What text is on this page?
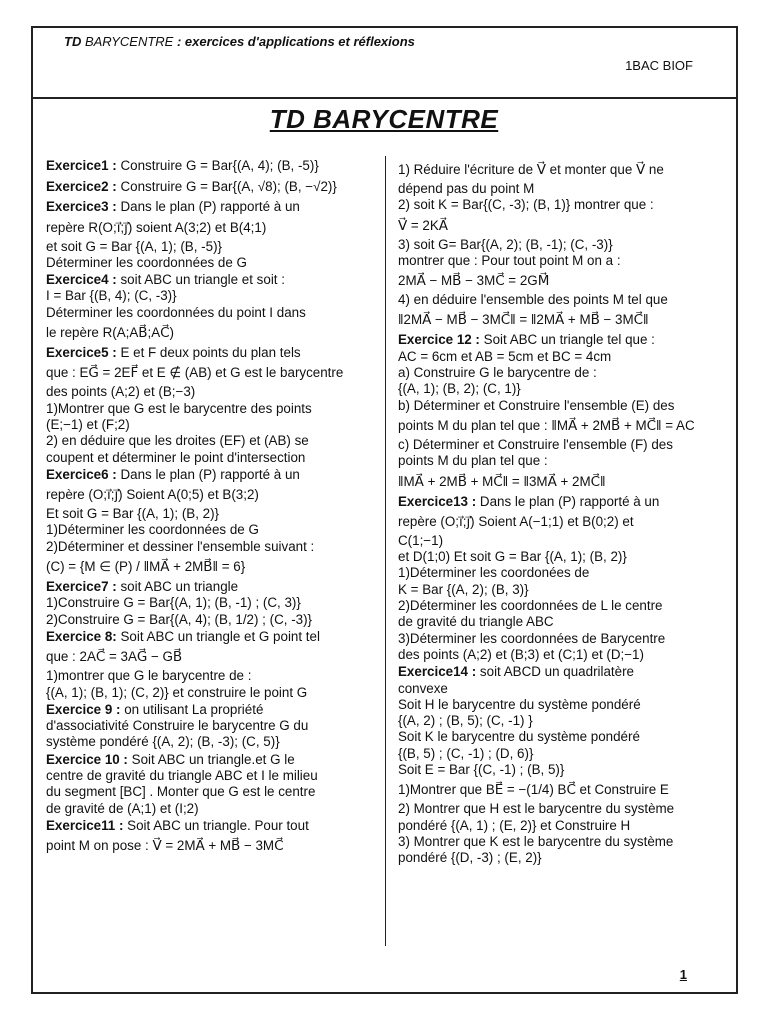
TD BARYCENTRE : exercices d'applications et réflexions
1BAC BIOF
TD BARYCENTRE

Exercice1 : Construire G = Bar{(A, 4); (B, -5)}

Exercice2 : Construire G = Bar{(A, √8); (B, −√2)}

Exercice3 : Dans le plan (P) rapporté à un

repère R(O;i⃗;j⃗) soient A(3;2) et B(4;1)

et soit G = Bar {(A, 1); (B, -5)}

Déterminer les coordonnées de G

Exercice4 : soit ABC un triangle et soit :

I = Bar {(B, 4); (C, -3)}

Déterminer les coordonnées du point I dans

le repère R(A;AB⃗;AC⃗)

Exercice5 : E et F deux points du plan tels

que : EG⃗ = 2EF⃗ et E ∉ (AB) et G est le barycentre

des points (A;2) et (B;−3)

1)Montrer que G est le barycentre des points

(E;−1) et (F;2)

2) en déduire que les droites (EF) et (AB) se

coupent et déterminer le point d'intersection

Exercice6 : Dans le plan (P) rapporté à un

repère (O;i⃗;j⃗) Soient A(0;5) et B(3;2)

Et soit G = Bar {(A, 1); (B, 2)}

1)Déterminer les coordonnées de G

2)Déterminer et dessiner l'ensemble suivant :

(C) = {M ∈ (P) / ‖MA⃗ + 2MB⃗‖ = 6}

Exercice7 : soit ABC un triangle

1)Construire G = Bar{(A, 1); (B, -1) ; (C, 3)}

2)Construire G = Bar{(A, 4); (B, 1/2) ; (C, -3)}

Exercice 8: Soit ABC un triangle et G point tel

que : 2AC⃗ = 3AG⃗ − GB⃗

1)montrer que G le barycentre de :

{(A, 1); (B, 1); (C, 2)} et construire le point G

Exercice 9 : on utilisant La propriété

d'associativité Construire le barycentre G du

système pondéré {(A, 2); (B, -3); (C, 5)}

Exercice 10 : Soit ABC un triangle.et G le

centre de gravité du triangle ABC et I le milieu

du segment [BC] . Monter que G est le centre

de gravité de (A;1) et (I;2)

Exercice11 : Soit ABC un triangle. Pour tout

point M on pose : V⃗ = 2MA⃗ + MB⃗ − 3MC⃗

1) Réduire l'écriture de V⃗ et monter que V⃗ ne

dépend pas du point M

2) soit K = Bar{(C, -3); (B, 1)} montrer que :

V⃗ = 2KA⃗

3) soit G= Bar{(A, 2); (B, -1); (C, -3)}

montrer que : Pour tout point M on a :

2MA⃗ − MB⃗ − 3MC⃗ = 2GM⃗

4) en déduire l'ensemble des points M tel que

‖2MA⃗ − MB⃗ − 3MC⃗‖ = ‖2MA⃗ + MB⃗ − 3MC⃗‖

Exercice 12 : Soit ABC un triangle tel que :

AC = 6cm et AB = 5cm et BC = 4cm

a) Construire G le barycentre de :

{(A, 1); (B, 2); (C, 1)}

b) Déterminer et Construire l'ensemble (E) des

points M du plan tel que : ‖MA⃗ + 2MB⃗ + MC⃗‖ = AC

c) Déterminer et Construire l'ensemble (F) des

points M du plan tel que :

‖MA⃗ + 2MB⃗ + MC⃗‖ = ‖3MA⃗ + 2MC⃗‖

Exercice13 : Dans le plan (P) rapporté à un

repère (O;i⃗;j⃗) Soient A(−1;1) et B(0;2) et

C(1;−1)

et D(1;0) Et soit G = Bar {(A, 1); (B, 2)}

1)Déterminer les coordonées de

K = Bar {(A, 2); (B, 3)}

2)Déterminer les coordonnées de L le centre

de gravité du triangle ABC

3)Déterminer les coordonnées de Barycentre

des points (A;2) et (B;3) et (C;1) et (D;−1)

Exercice14 : soit ABCD un quadrilatère

convexe

Soit H le barycentre du système pondéré

{(A, 2) ; (B, 5); (C, -1) }

Soit K le barycentre du système pondéré

{(B, 5) ; (C, -1) ; (D, 6)}

Soit E = Bar {(C, -1) ; (B, 5)}

1)Montrer que BE⃗ = −(1/4) BC⃗ et Construire E

2) Montrer que H est le barycentre du système

pondéré {(A, 1) ; (E, 2)} et Construire H

3) Montrer que K est le barycentre du système

pondéré {(D, -3) ; (E, 2)}

1
